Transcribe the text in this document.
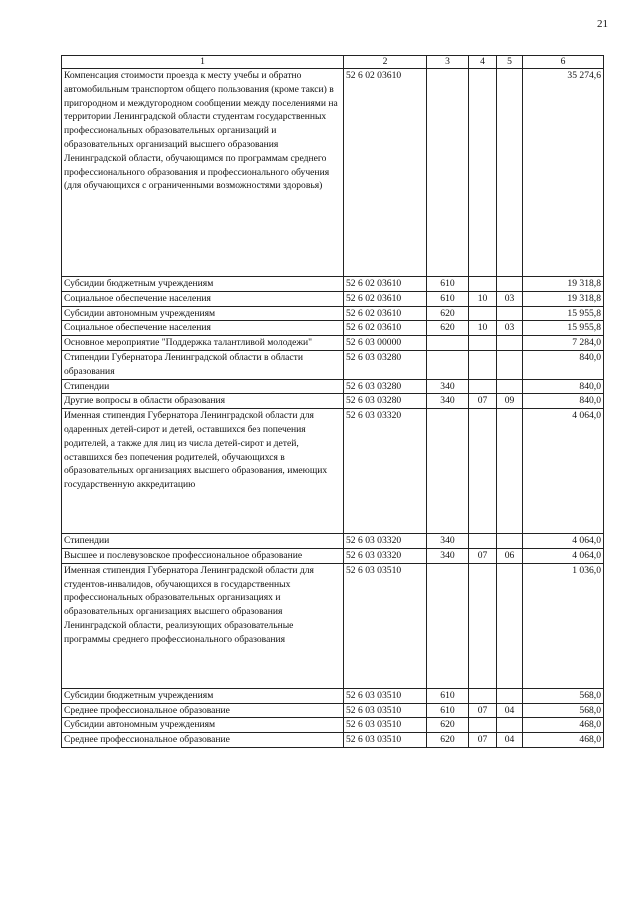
21
1	2	3	4	5	6
Компенсация стоимости проезда к месту учебы и обратно автомобильным транспортом общего пользования (кроме такси) в пригородном и междугородном сообщении между поселениями на территории Ленинградской области студентам государственных профессиональных образовательных организаций и образовательных организаций высшего образования Ленинградской области, обучающимся по программам среднего профессионального образования и профессионального обучения (для обучающихся с ограниченными возможностями здоровья)	52 6 02 03610				35 274,6
Субсидии бюджетным учреждениям	52 6 02 03610	610			19 318,8
Социальное обеспечение населения	52 6 02 03610	610	10	03	19 318,8
Субсидии автономным учреждениям	52 6 02 03610	620			15 955,8
Социальное обеспечение населения	52 6 02 03610	620	10	03	15 955,8
Основное мероприятие "Поддержка талантливой молодежи"	52 6 03 00000				7 284,0
Стипендии Губернатора Ленинградской области в области образования	52 6 03 03280				840,0
Стипендии	52 6 03 03280	340			840,0
Другие вопросы в области образования	52 6 03 03280	340	07	09	840,0
Именная стипендия Губернатора Ленинградской области для одаренных детей-сирот и детей, оставшихся без попечения родителей, а также для лиц из числа детей-сирот и детей, оставшихся без попечения родителей, обучающихся в образовательных организациях высшего образования, имеющих государственную аккредитацию	52 6 03 03320				4 064,0
Стипендии	52 6 03 03320	340			4 064,0
Высшее и послевузовское профессиональное образование	52 6 03 03320	340	07	06	4 064,0
Именная стипендия Губернатора Ленинградской области для студентов-инвалидов, обучающихся в государственных профессиональных образовательных организациях и образовательных организациях высшего образования Ленинградской области, реализующих образовательные программы среднего профессионального образования	52 6 03 03510				1 036,0
Субсидии бюджетным учреждениям	52 6 03 03510	610			568,0
Среднее профессиональное образование	52 6 03 03510	610	07	04	568,0
Субсидии автономным учреждениям	52 6 03 03510	620			468,0
Среднее профессиональное образование	52 6 03 03510	620	07	04	468,0
